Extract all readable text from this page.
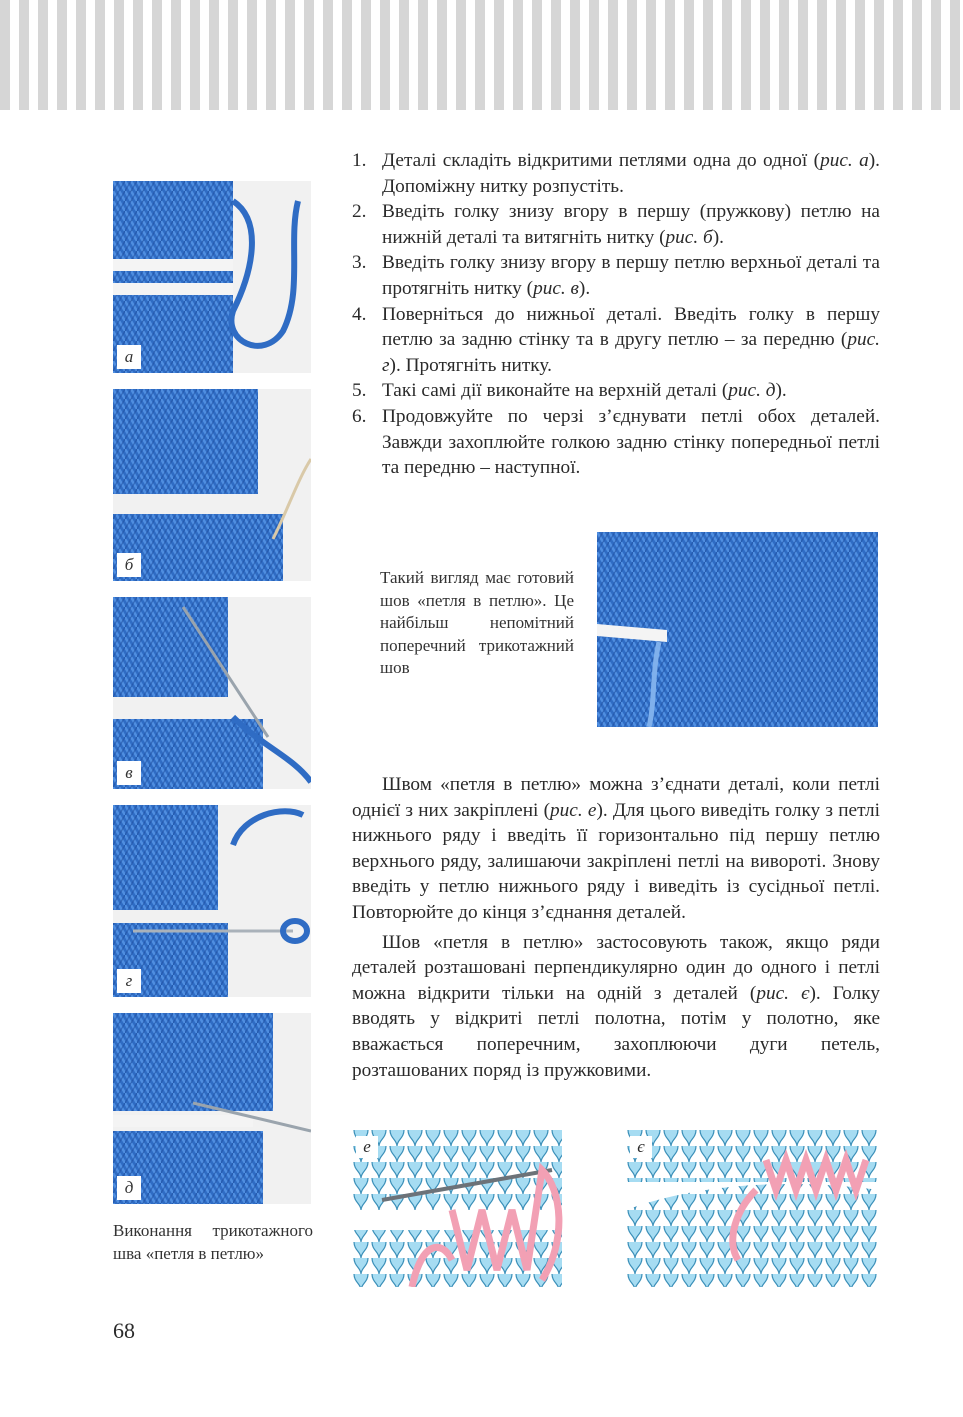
а
б
в
г
д
1. Деталі складіть відкритими петлями одна до одної (рис. а). Допоміжну нитку розпустіть.
2. Введіть голку знизу вгору в першу (пружкову) петлю на нижній деталі та витягніть нитку (рис. б).
3. Введіть голку знизу вгору в першу петлю верхньої деталі та протягніть нитку (рис. в).
4. Поверніться до нижньої деталі. Введіть голку в першу петлю за задню стінку та в другу петлю – за передню (рис. г). Протягніть нитку.
5. Такі самі дії виконайте на верхній деталі (рис. д).
6. Продовжуйте по черзі з’єднувати петлі обох деталей. Завжди захоплюйте голкою задню стінку попередньої петлі та передню – наступної.
Такий вигляд має готовий шов «петля в петлю». Це найбільш непомітний поперечний трикотажний шов

Швом «петля в петлю» можна з’єднати деталі, коли петлі однієї з них закріплені (рис. е). Для цього виведіть голку з петлі нижнього ряду і введіть її горизонтально під першу петлю верхнього ряду, залишаючи закріплені петлі на виворoті. Знову введіть у петлю нижнього ряду і виведіть із сусідньої петлі. Повторюйте до кінця з’єднання деталей.

Шов «петля в петлю» застосовують також, якщо ряди деталей розташовані перпендикулярно один до одного і петлі можна відкрити тільки на одній з деталей (рис. є). Голку вводять у відкриті петлі полотна, потім у полотно, яке вважається поперечним, захоплюючи дуги петель, розташованих поряд із пружковими.

е	є
Виконання трикотажного шва «петля в петлю»
68
